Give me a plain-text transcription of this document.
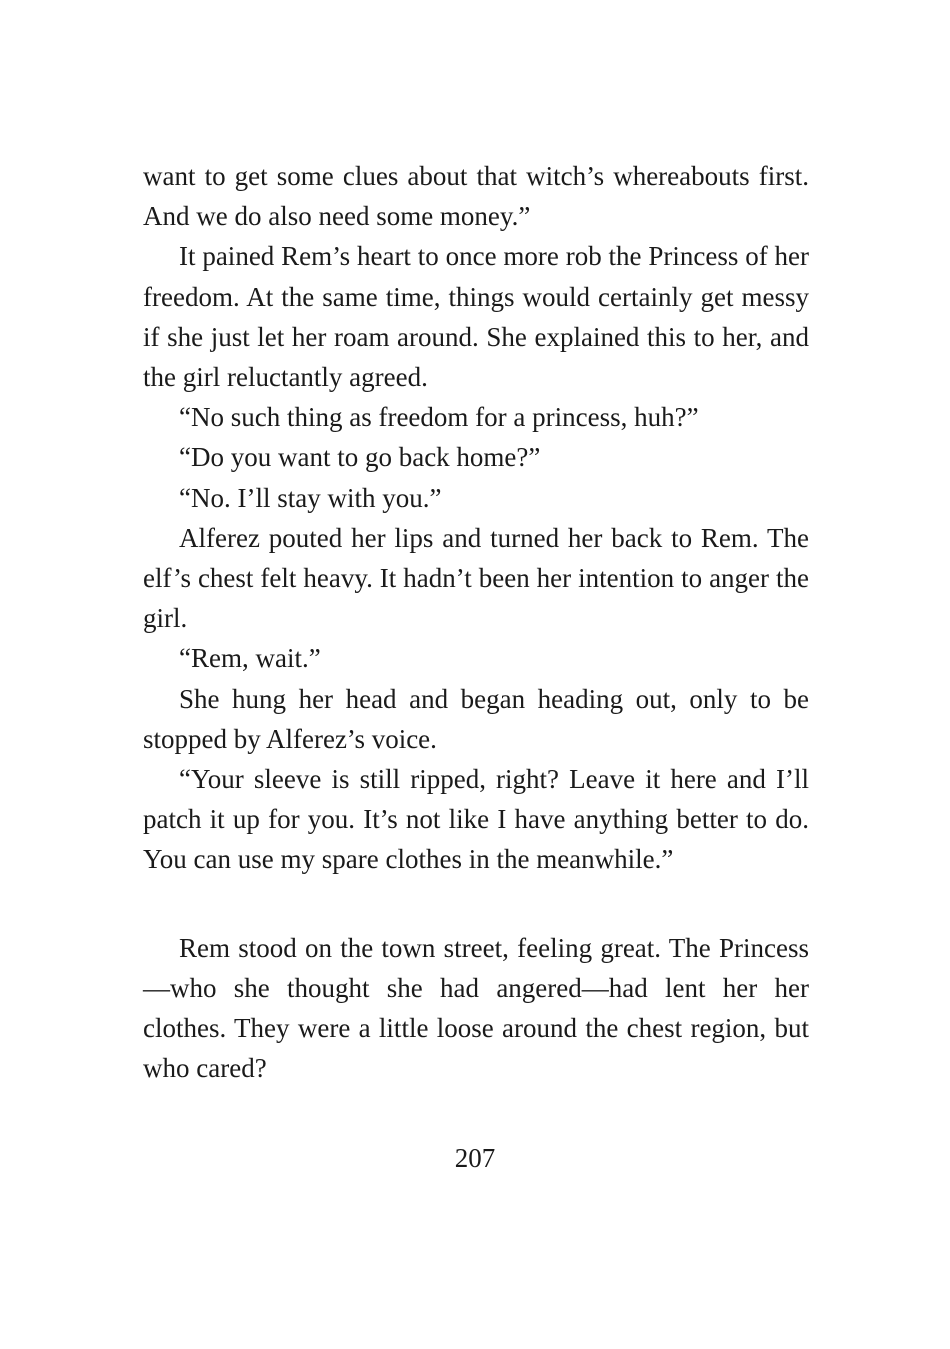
want to get some clues about that witch’s whereabouts first. And we do also need some money.”

It pained Rem’s heart to once more rob the Princess of her freedom. At the same time, things would certainly get messy if she just let her roam around. She explained this to her, and the girl reluctantly agreed.

“No such thing as freedom for a princess, huh?”

“Do you want to go back home?”

“No. I’ll stay with you.”

Alferez pouted her lips and turned her back to Rem. The elf’s chest felt heavy. It hadn’t been her intention to anger the girl.

“Rem, wait.”

She hung her head and began heading out, only to be stopped by Alferez’s voice.

“Your sleeve is still ripped, right? Leave it here and I’ll patch it up for you. It’s not like I have anything better to do. You can use my spare clothes in the meanwhile.”

Rem stood on the town street, feeling great. The Princess—who she thought she had angered—had lent her her clothes. They were a little loose around the chest region, but who cared?

207
